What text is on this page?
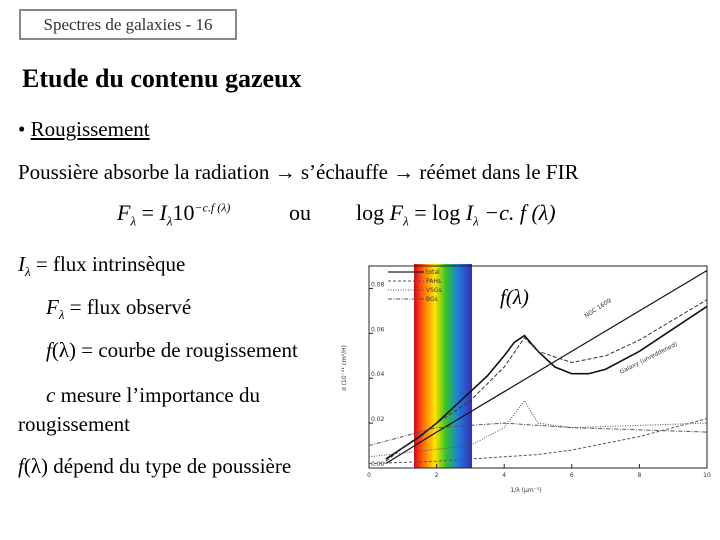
Spectres de galaxies - 16
Etude du contenu gazeux
• Rougissement
Poussière absorbe la radiation → s’échauffe → réémet dans le FIR
$F_\lambda = I_\lambda 10^{-c.f (\lambda)}$	ou $\log F_\lambda = \log I_\lambda -c$. f (λ)
$I_\lambda$ = flux intrinsèque
$F_\lambda$ = flux observé
f(λ) = courbe de rougissement
c mesure l’importance du rougissement
f(λ) dépend du type de poussière
f(λ)
0	2	4	6	8	10
0.00
0.02
0.04
0.06
0.08
total
PAHs
VSGs
BGs	NGC 1609
Galaxy (unreddened)
1/λ (μm⁻¹)
σ (10⁻²¹ cm²/H)
